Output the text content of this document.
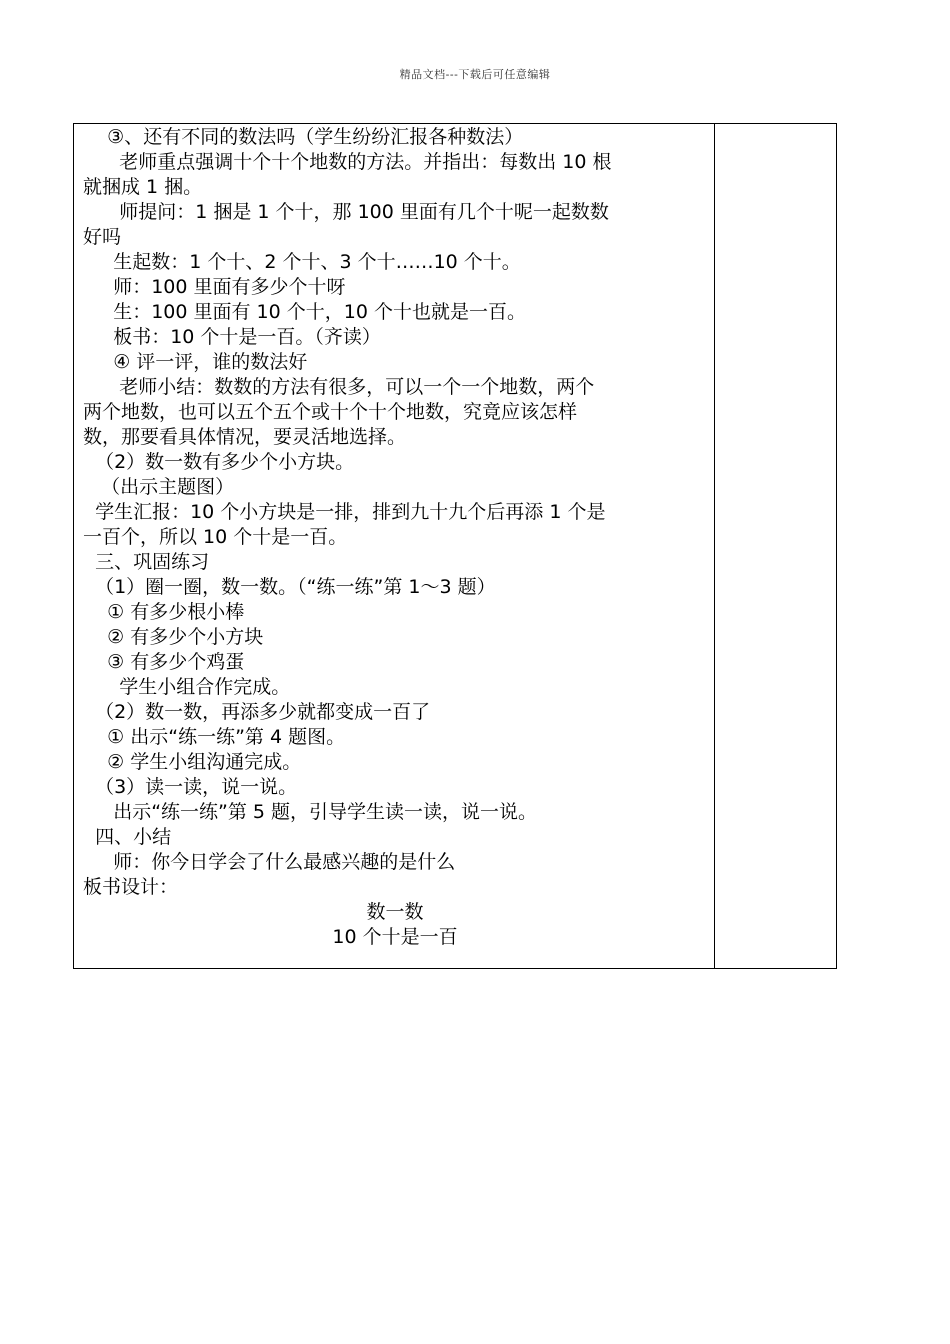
精品文档---下载后可任意编辑
③、还有不同的数法吗（学生纷纷汇报各种数法）
老师重点强调十个十个地数的方法。并指出：每数出 10 根
就捆成 1 捆。
师提问：1 捆是 1 个十，那 100 里面有几个十呢一起数数
好吗
生起数：1 个十、2 个十、3 个十……10 个十。
师：100 里面有多少个十呀
生：100 里面有 10 个十，10 个十也就是一百。
板书：10 个十是一百。（齐读）
④ 评一评，谁的数法好
老师小结：数数的方法有很多，可以一个一个地数，两个
两个地数，也可以五个五个或十个十个地数，究竟应该怎样
数，那要看具体情况，要灵活地选择。
（2）数一数有多少个小方块。
（出示主题图）
学生汇报：10 个小方块是一排，排到九十九个后再添 1 个是
一百个，所以 10 个十是一百。
三、巩固练习
（1）圈一圈，数一数。（“练一练”第 1～3 题）
① 有多少根小棒
② 有多少个小方块
③ 有多少个鸡蛋
学生小组合作完成。
（2）数一数，再添多少就都变成一百了
① 出示“练一练”第 4 题图。
② 学生小组沟通完成。
（3）读一读，说一说。
出示“练一练”第 5 题，引导学生读一读，说一说。
四、小结
师：你今日学会了什么最感兴趣的是什么
板书设计：
数一数
10 个十是一百
